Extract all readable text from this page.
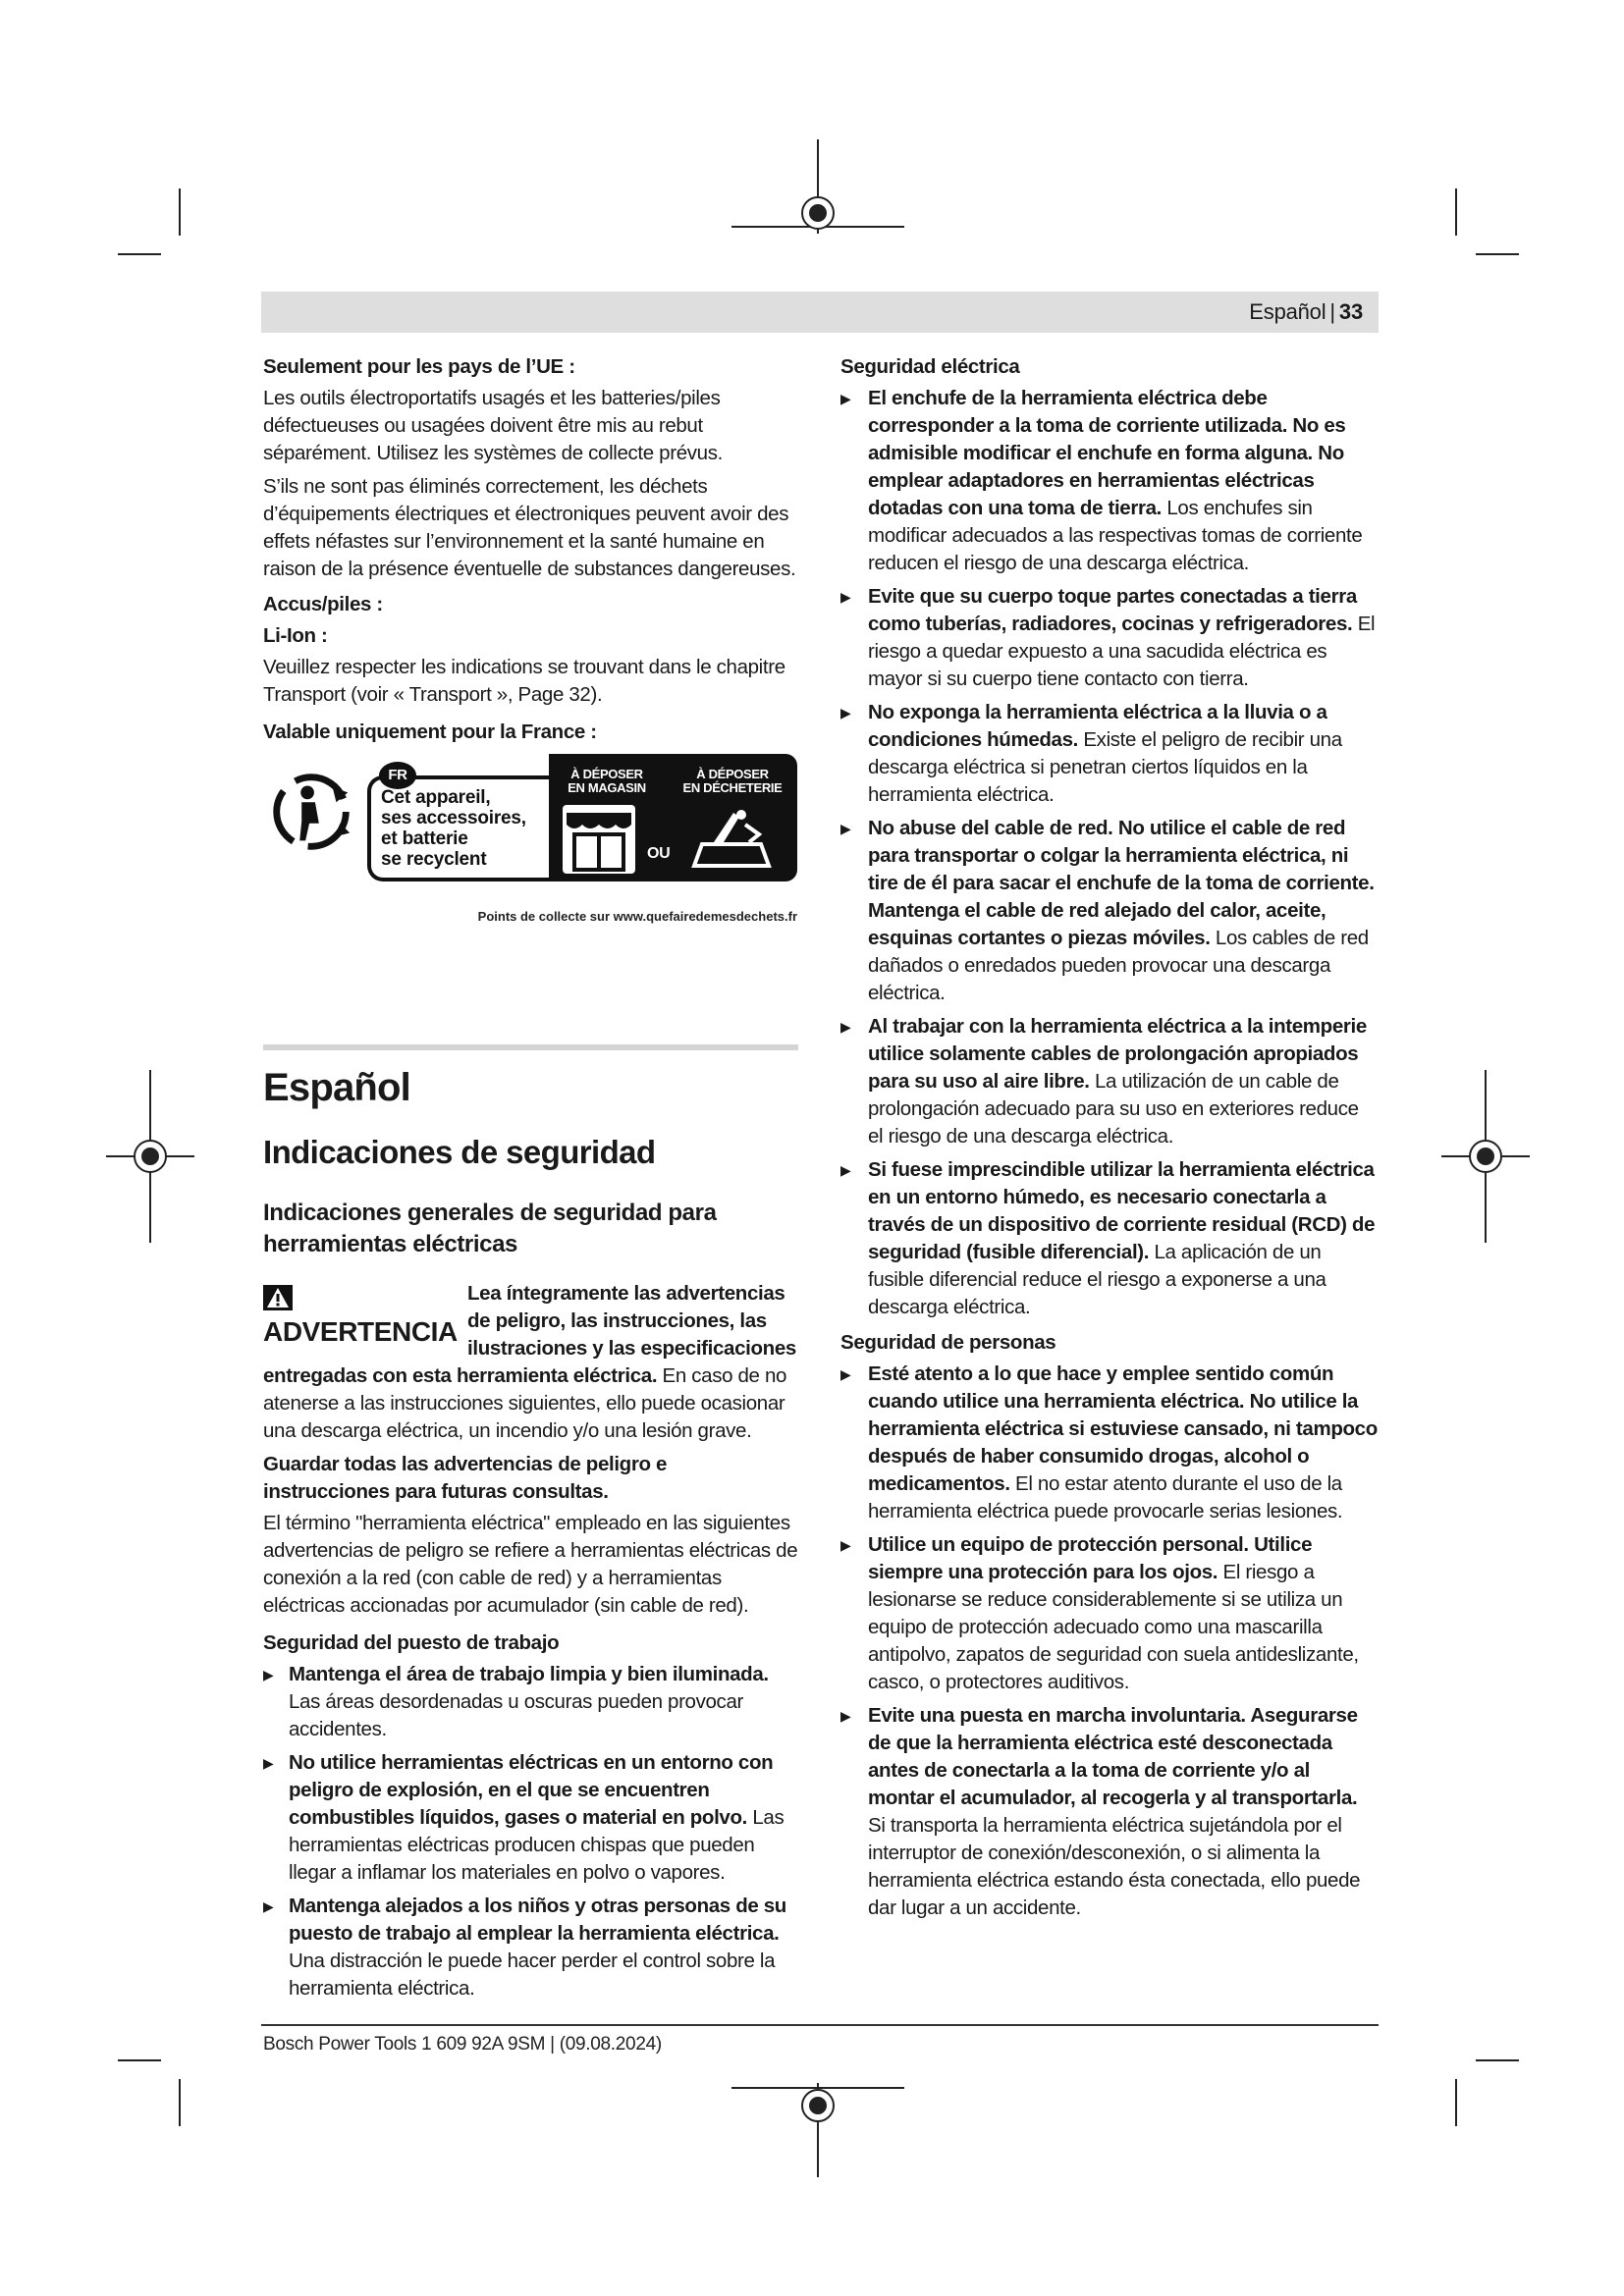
Español | 33

Seulement pour les pays de l’UE :

Les outils électroportatifs usagés et les batteries/piles défectueuses ou usagées doivent être mis au rebut séparément. Utilisez les systèmes de collecte prévus.

S’ils ne sont pas éliminés correctement, les déchets d’équipements électriques et électroniques peuvent avoir des effets néfastes sur l’environnement et la santé humaine en raison de la présence éventuelle de substances dangereuses.

Accus/piles :

Li-Ion :

Veuillez respecter les indications se trouvant dans le chapitre Transport (voir « Transport », Page 32).

Valable uniquement pour la France :

FR
Cet appareil,
ses accessoires,
et batterie
se recyclent
À DÉPOSER
EN MAGASIN
À DÉPOSER
EN DÉCHETERIE
OU
Points de collecte sur www.quefairedemesdechets.fr
Español
Indicaciones de seguridad
Indicaciones generales de seguridad para herramientas eléctricas
ADVERTENCIA

Lea íntegramente las advertencias de peligro, las instrucciones, las ilustraciones y las especificaciones entregadas con esta herramienta eléctrica. En caso de no atenerse a las instrucciones siguientes, ello puede ocasionar una descarga eléctrica, un incendio y/o una lesión grave.

Guardar todas las advertencias de peligro e instrucciones para futuras consultas.

El término "herramienta eléctrica" empleado en las siguientes advertencias de peligro se refiere a herramientas eléctricas de conexión a la red (con cable de red) y a herramientas eléctricas accionadas por acumulador (sin cable de red).

Seguridad del puesto de trabajo

▶ Mantenga el área de trabajo limpia y bien iluminada. Las áreas desordenadas u oscuras pueden provocar accidentes.
▶ No utilice herramientas eléctricas en un entorno con peligro de explosión, en el que se encuentren combustibles líquidos, gases o material en polvo. Las herramientas eléctricas producen chispas que pueden llegar a inflamar los materiales en polvo o vapores.
▶ Mantenga alejados a los niños y otras personas de su puesto de trabajo al emplear la herramienta eléctrica. Una distracción le puede hacer perder el control sobre la herramienta eléctrica.

Seguridad eléctrica

▶ El enchufe de la herramienta eléctrica debe corresponder a la toma de corriente utilizada. No es admisible modificar el enchufe en forma alguna. No emplear adaptadores en herramientas eléctricas dotadas con una toma de tierra. Los enchufes sin modificar adecuados a las respectivas tomas de corriente reducen el riesgo de una descarga eléctrica.
▶ Evite que su cuerpo toque partes conectadas a tierra como tuberías, radiadores, cocinas y refrigeradores. El riesgo a quedar expuesto a una sacudida eléctrica es mayor si su cuerpo tiene contacto con tierra.
▶ No exponga la herramienta eléctrica a la lluvia o a condiciones húmedas. Existe el peligro de recibir una descarga eléctrica si penetran ciertos líquidos en la herramienta eléctrica.
▶ No abuse del cable de red. No utilice el cable de red para transportar o colgar la herramienta eléctrica, ni tire de él para sacar el enchufe de la toma de corriente. Mantenga el cable de red alejado del calor, aceite, esquinas cortantes o piezas móviles. Los cables de red dañados o enredados pueden provocar una descarga eléctrica.
▶ Al trabajar con la herramienta eléctrica a la intemperie utilice solamente cables de prolongación apropiados para su uso al aire libre. La utilización de un cable de prolongación adecuado para su uso en exteriores reduce el riesgo de una descarga eléctrica.
▶ Si fuese imprescindible utilizar la herramienta eléctrica en un entorno húmedo, es necesario conectarla a través de un dispositivo de corriente residual (RCD) de seguridad (fusible diferencial). La aplicación de un fusible diferencial reduce el riesgo a exponerse a una descarga eléctrica.

Seguridad de personas

▶ Esté atento a lo que hace y emplee sentido común cuando utilice una herramienta eléctrica. No utilice la herramienta eléctrica si estuviese cansado, ni tampoco después de haber consumido drogas, alcohol o medicamentos. El no estar atento durante el uso de la herramienta eléctrica puede provocarle serias lesiones.
▶ Utilice un equipo de protección personal. Utilice siempre una protección para los ojos. El riesgo a lesionarse se reduce considerablemente si se utiliza un equipo de protección adecuado como una mascarilla antipolvo, zapatos de seguridad con suela antideslizante, casco, o protectores auditivos.
▶ Evite una puesta en marcha involuntaria. Asegurarse de que la herramienta eléctrica esté desconectada antes de conectarla a la toma de corriente y/o al montar el acumulador, al recogerla y al transportarla. Si transporta la herramienta eléctrica sujetándola por el interruptor de conexión/desconexión, o si alimenta la herramienta eléctrica estando ésta conectada, ello puede dar lugar a un accidente.
Bosch Power Tools 1 609 92A 9SM | (09.08.2024)
